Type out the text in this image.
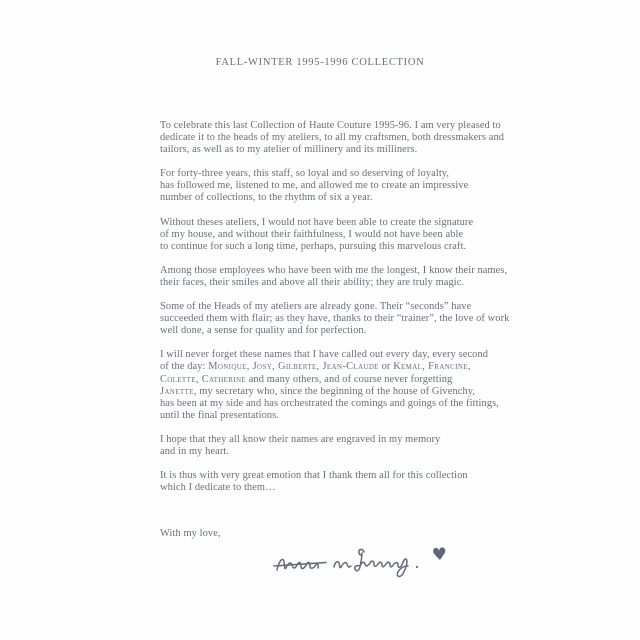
FALL-WINTER 1995-1996 COLLECTION

To celebrate this last Collection of Haute Couture 1995-96. I am very pleased to
dedicate it to the heads of my ateliers, to all my craftsmen, both dressmakers and
tailors, as well as to my atelier of millinery and its milliners.

For forty-three years, this staff, so loyal and so deserving of loyalty,
has followed me, listened to me, and allowed me to create an impressive
number of collections, to the rhythm of six a year.

Without theses ateliers, I would not have been able to create the signature
of my house, and without their faithfulness, I would not have been able
to continue for such a long time, perhaps, pursuing this marvelous craft.

Among those employees who have been with me the longest, I know their names,
their faces, their smiles and above all their ability; they are truly magic.

Some of the Heads of my ateliers are already gone. Their “seconds” have
succeeded them with flair; as they have, thanks to their “trainer”, the love of work
well done, a sense for quality and for perfection.

I will never forget these names that I have called out every day, every second
of the day: Monique, Josy, Gilberte, Jean-Claude or Kemal, Francine,
Colette, Catherine and many others, and of course never forgetting
Janette, my secretary who, since the beginning of the house of Givenchy,
has been at my side and has orchestrated the comings and goings of the fittings,
until the final presentations.

I hope that they all know their names are engraved in my memory
and in my heart.

It is thus with very great emotion that I thank them all for this collection
which I dedicate to them…

With my love,
♥
